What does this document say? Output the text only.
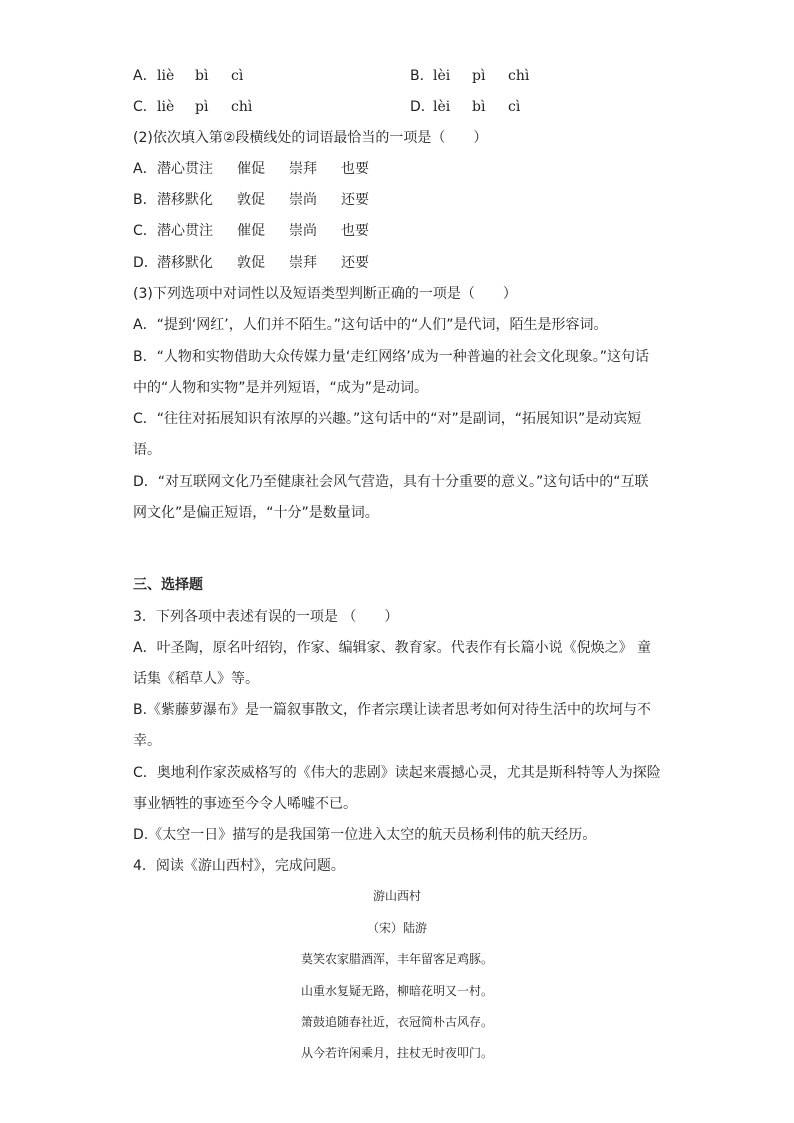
A． liè bì cì	B． lèi pì chì
C． liè pì chì	D．
lèi bì cì
(2)依次填入第②段横线处的词语最恰当的一项是（　　）
A． 潜心贯注 催促 崇拜 也要
B． 潜移默化 敦促 崇尚 还要
C． 潜心贯注 催促 崇尚 也要
D． 潜移默化 敦促 崇拜 还要
(3)下列选项中对词性以及短语类型判断正确的一项是（　　）
A．“提到‘网红’，人们并不陌生。”这句话中的“人们”是代词，陌生是形容词。
B．“人物和实物借助大众传媒力量‘走红网络’成为一种普遍的社会文化现象。”这句话
中的“人物和实物”是并列短语，“成为”是动词。
C．“往往对拓展知识有浓厚的兴趣。”这句话中的“对”是副词，“拓展知识”是动宾短
语。
D．“对互联网文化乃至健康社会风气营造，具有十分重要的意义。”这句话中的“互联
网文化”是偏正短语，“十分”是数量词。
三、选择题
3．下列各项中表述有误的一项是 （　　）
A．叶圣陶，原名叶绍钧，作家、编辑家、教育家。代表作有长篇小说《倪焕之》 童
话集《稻草人》等。
B.《紫藤萝瀑布》是一篇叙事散文，作者宗璞让读者思考如何对待生活中的坎坷与不
幸。
C．奥地利作家茨威格写的《伟大的悲剧》读起来震撼心灵，尤其是斯科特等人为探险
事业牺牲的事迹至今令人唏嘘不已。
D.《太空一日》描写的是我国第一位进入太空的航天员杨利伟的航天经历。
4．阅读《游山西村》，完成问题。
游山西村
（宋）陆游
莫笑农家腊酒浑，丰年留客足鸡豚。
山重水复疑无路，柳暗花明又一村。
箫鼓追随春社近，衣冠简朴古风存。
从今若许闲乘月，拄杖无时夜叩门。
